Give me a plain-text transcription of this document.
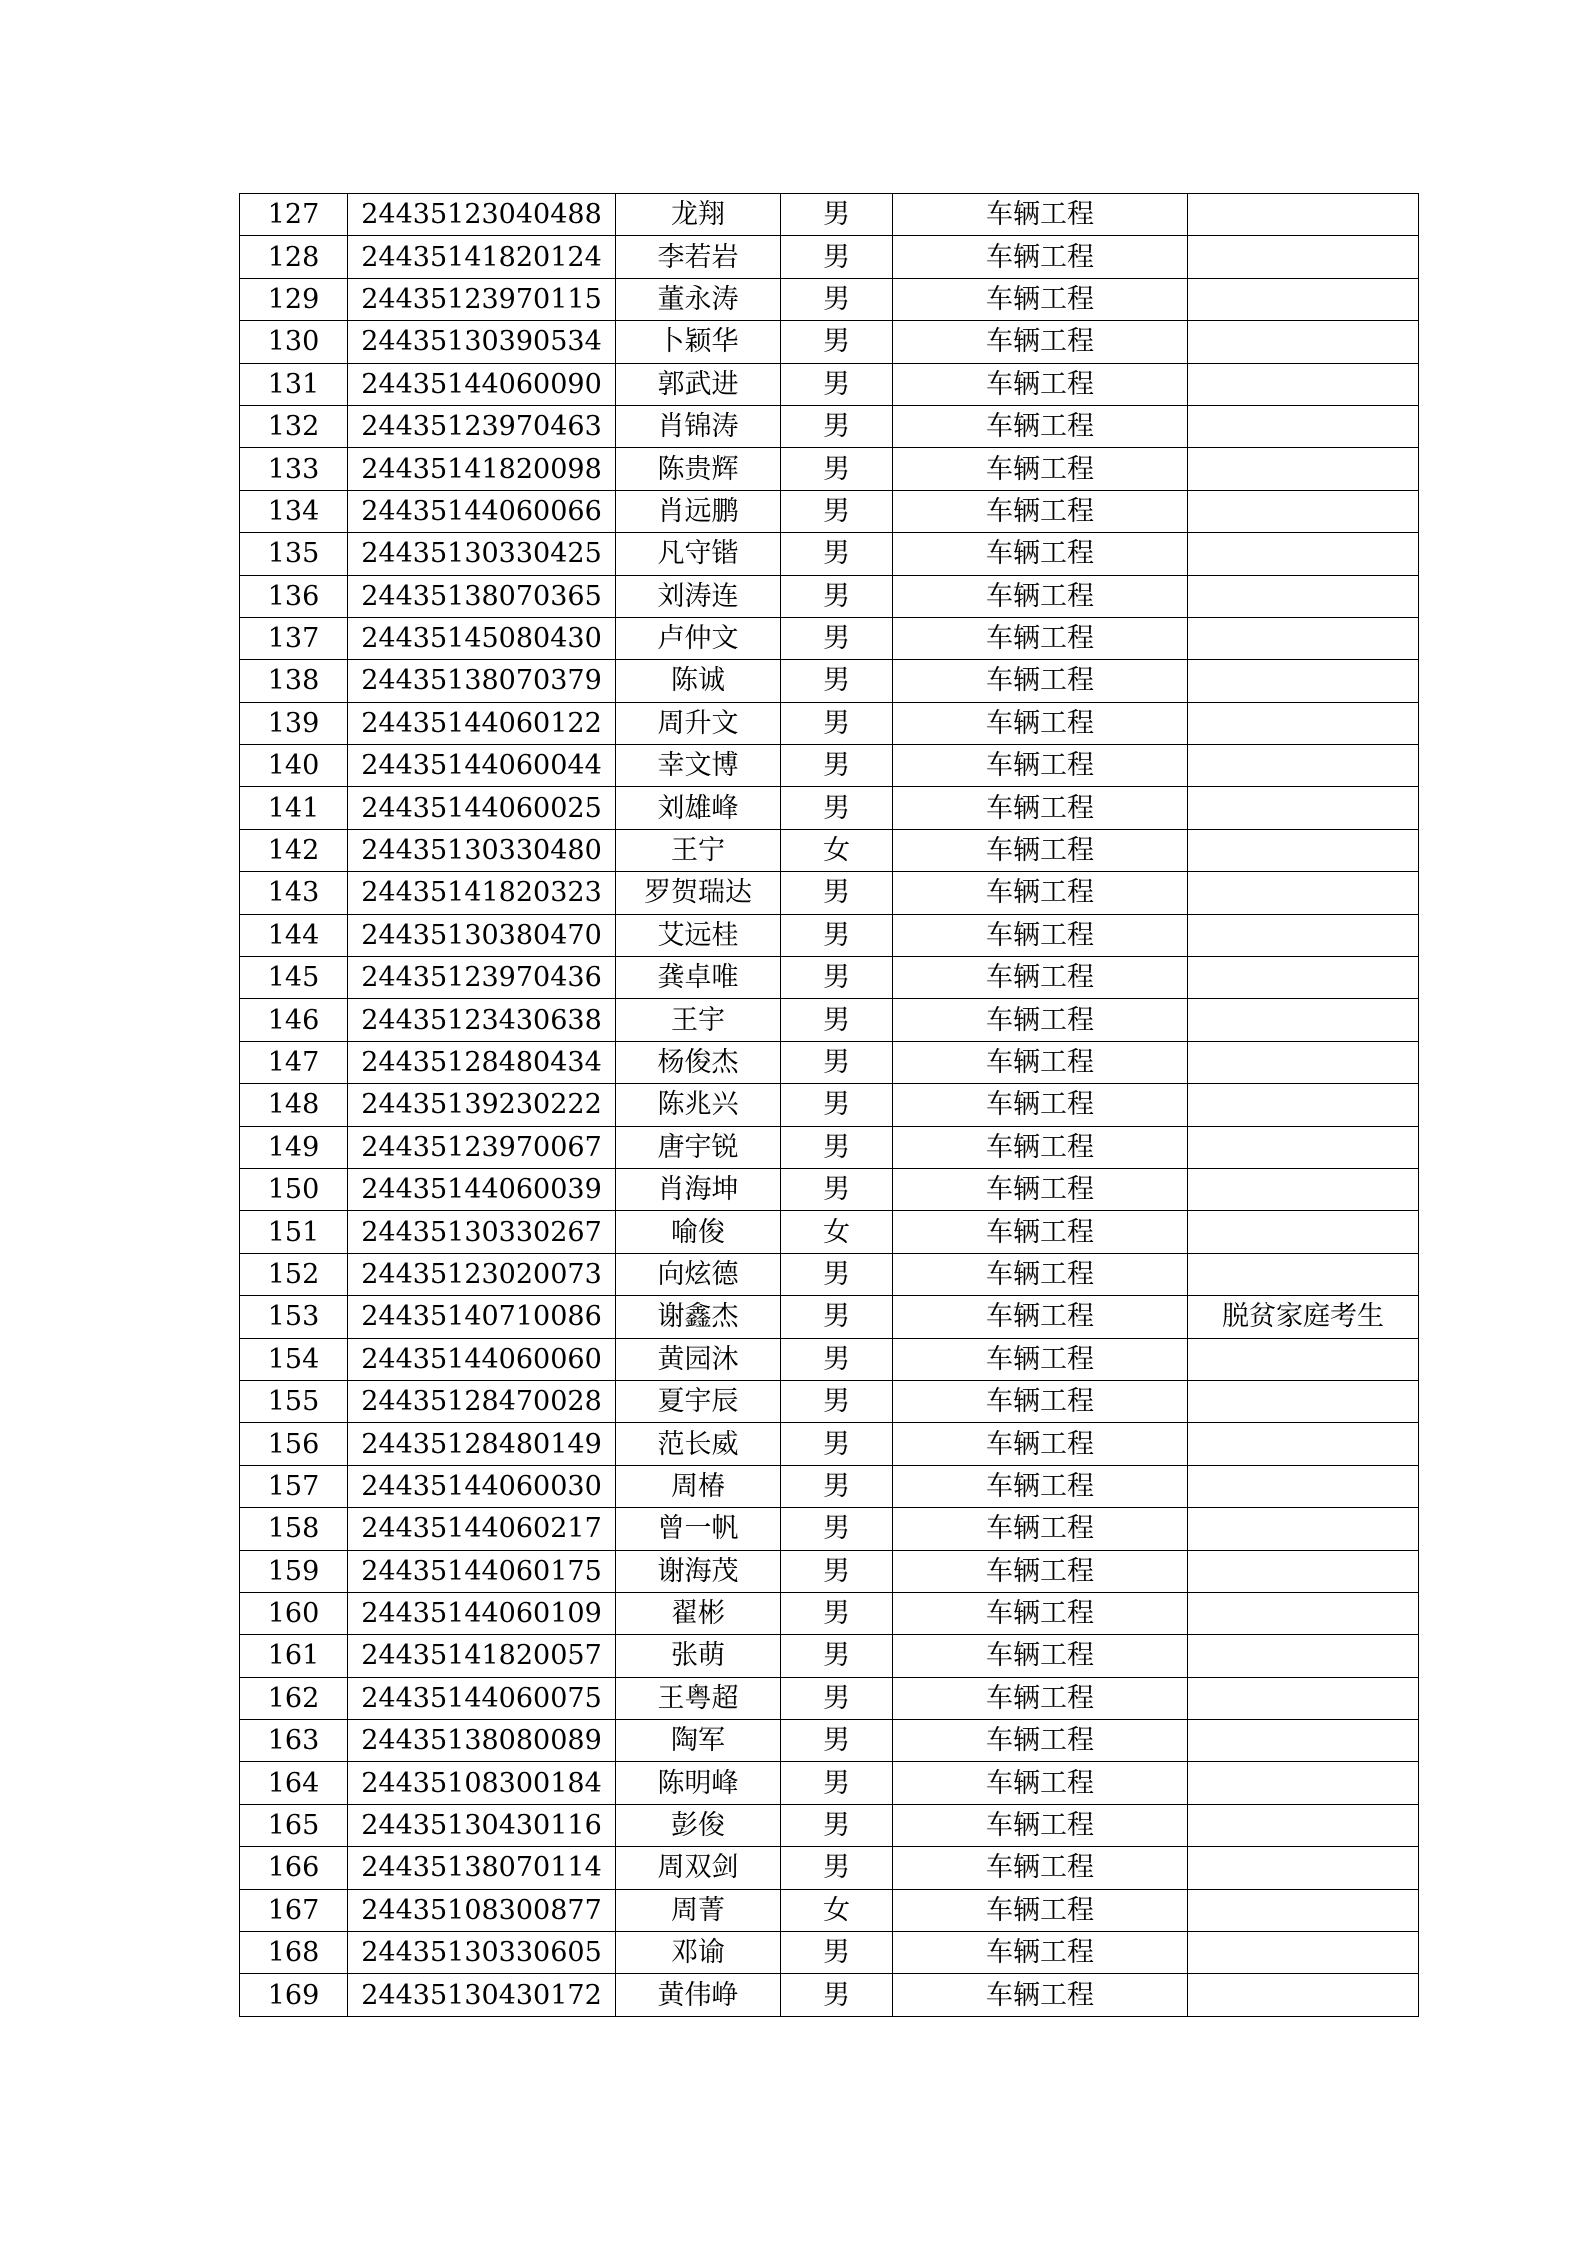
127	24435123040488	龙翔	男	车辆工程	
128	24435141820124	李若岩	男	车辆工程	
129	24435123970115	董永涛	男	车辆工程	
130	24435130390534	卜颖华	男	车辆工程	
131	24435144060090	郭武进	男	车辆工程	
132	24435123970463	肖锦涛	男	车辆工程	
133	24435141820098	陈贵辉	男	车辆工程	
134	24435144060066	肖远鹏	男	车辆工程	
135	24435130330425	凡守锴	男	车辆工程	
136	24435138070365	刘涛连	男	车辆工程	
137	24435145080430	卢仲文	男	车辆工程	
138	24435138070379	陈诚	男	车辆工程	
139	24435144060122	周升文	男	车辆工程	
140	24435144060044	幸文博	男	车辆工程	
141	24435144060025	刘雄峰	男	车辆工程	
142	24435130330480	王宁	女	车辆工程	
143	24435141820323	罗贺瑞达	男	车辆工程	
144	24435130380470	艾远桂	男	车辆工程	
145	24435123970436	龚卓唯	男	车辆工程	
146	24435123430638	王宇	男	车辆工程	
147	24435128480434	杨俊杰	男	车辆工程	
148	24435139230222	陈兆兴	男	车辆工程	
149	24435123970067	唐宇锐	男	车辆工程	
150	24435144060039	肖海坤	男	车辆工程	
151	24435130330267	喻俊	女	车辆工程	
152	24435123020073	向炫德	男	车辆工程	
153	24435140710086	谢鑫杰	男	车辆工程	脱贫家庭考生
154	24435144060060	黄园沐	男	车辆工程	
155	24435128470028	夏宇辰	男	车辆工程	
156	24435128480149	范长威	男	车辆工程	
157	24435144060030	周椿	男	车辆工程	
158	24435144060217	曾一帆	男	车辆工程	
159	24435144060175	谢海茂	男	车辆工程	
160	24435144060109	翟彬	男	车辆工程	
161	24435141820057	张萌	男	车辆工程	
162	24435144060075	王粤超	男	车辆工程	
163	24435138080089	陶军	男	车辆工程	
164	24435108300184	陈明峰	男	车辆工程	
165	24435130430116	彭俊	男	车辆工程	
166	24435138070114	周双剑	男	车辆工程	
167	24435108300877	周菁	女	车辆工程	
168	24435130330605	邓谕	男	车辆工程	
169	24435130430172	黄伟峥	男	车辆工程	
